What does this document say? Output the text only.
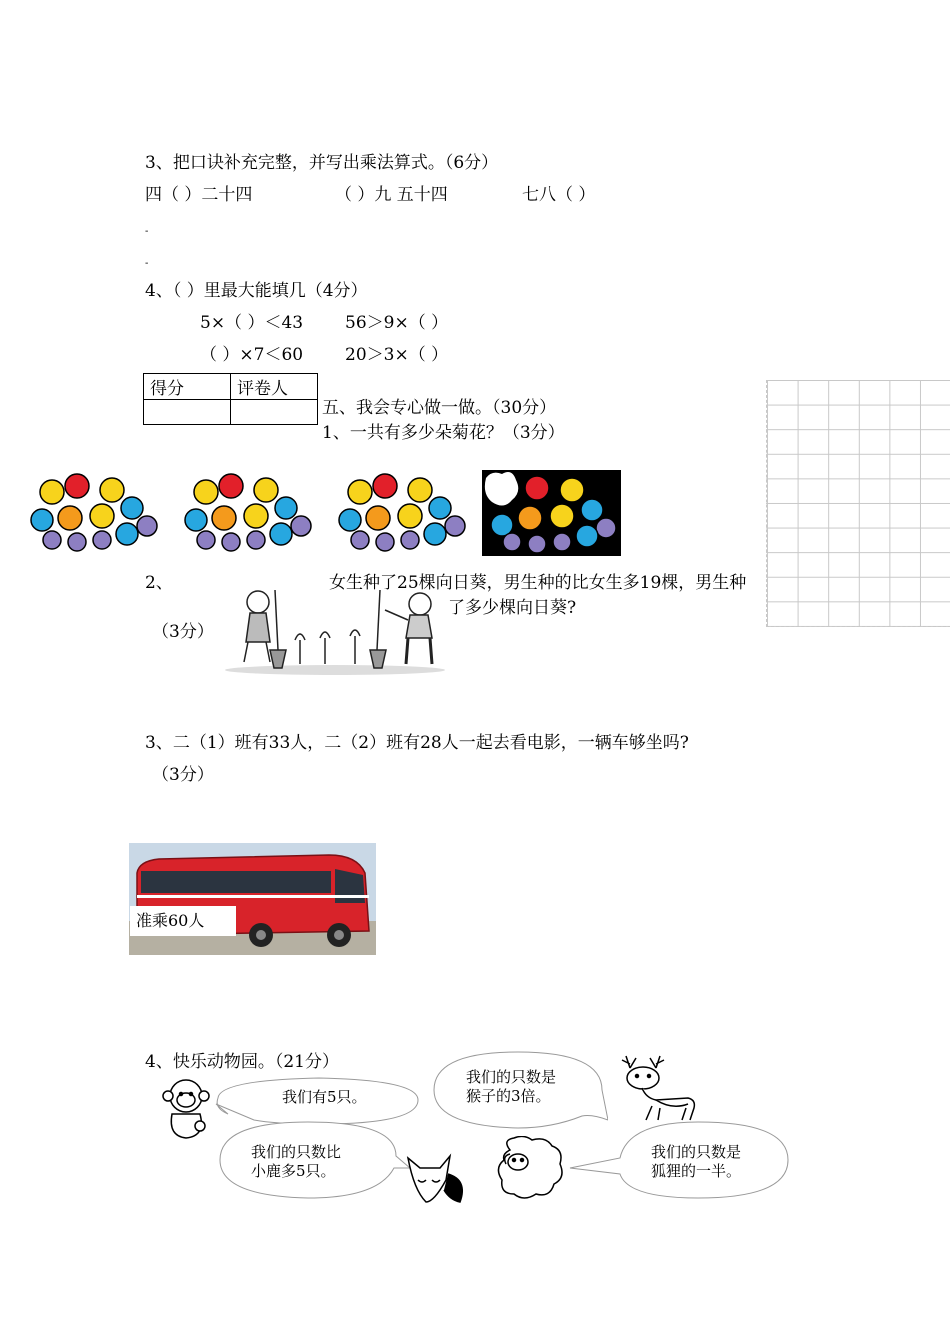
3、把口诀补充完整，并写出乘法算式。（6分）
四（ ）二十四	（ ）九 五十四	七八（ ）
-
-
4、（ ）里最大能填几（4分）
5×（ ）＜43 56＞9×（ ）
（ ）×7＜60 20＞3×（ ）
得分	评卷人

五、我会专心做一做。（30分）
1、一共有多少朵菊花？（3分）
2、	女生种了25棵向日葵，男生种的比女生多19棵，男生种
了多少棵向日葵?
（3分）
3、二（1）班有33人，二（2）班有28人一起去看电影，一辆车够坐吗?
（3分）
准乘60人
4、快乐动物园。（21分）
我们有5只。
我们的只数是
猴子的3倍。
我们的只数比
小鹿多5只。
我们的只数是
狐狸的一半。
